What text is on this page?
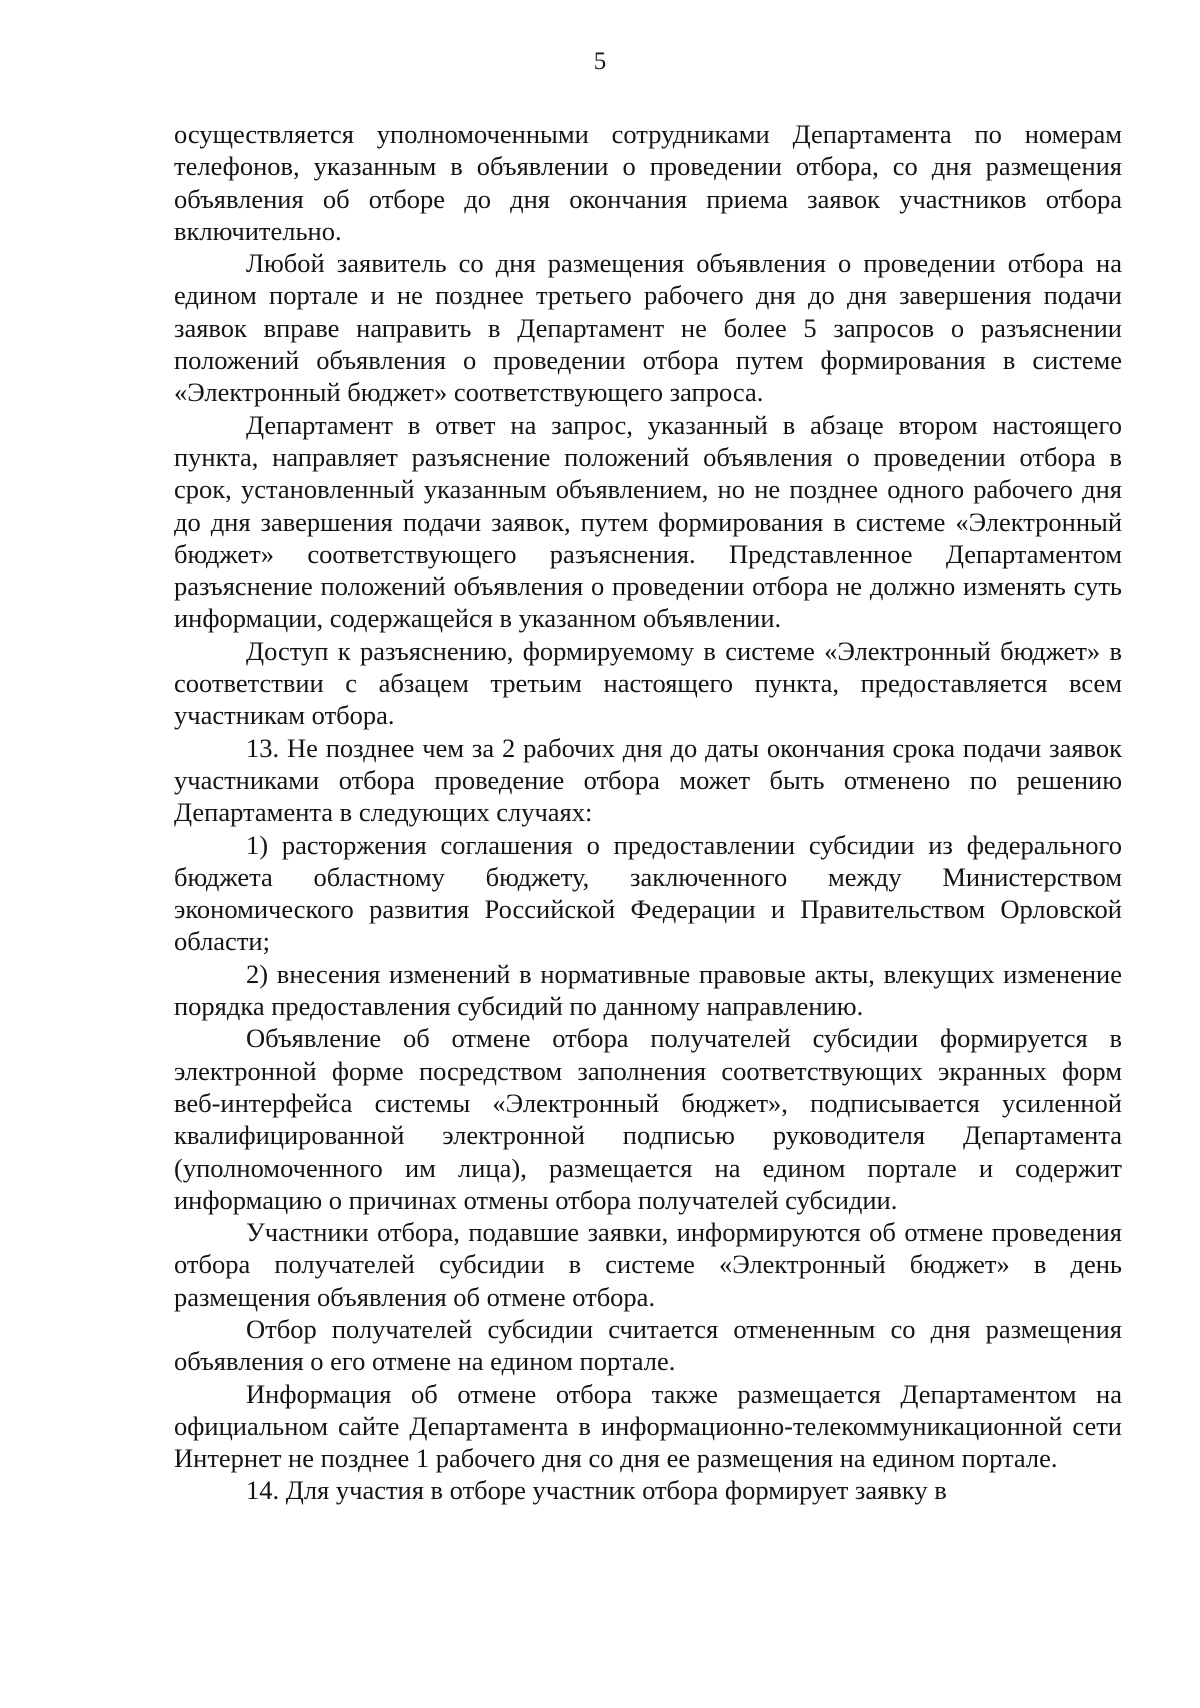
5

осуществляется уполномоченными сотрудниками Департамента по номерам телефонов, указанным в объявлении о проведении отбора, со дня размещения объявления об отборе до дня окончания приема заявок участников отбора включительно.

Любой заявитель со дня размещения объявления о проведении отбора на едином портале и не позднее третьего рабочего дня до дня завершения подачи заявок вправе направить в Департамент не более 5 запросов о разъяснении положений объявления о проведении отбора путем формирования в системе «Электронный бюджет» соответствующего запроса.

Департамент в ответ на запрос, указанный в абзаце втором настоящего пункта, направляет разъяснение положений объявления о проведении отбора в срок, установленный указанным объявлением, но не позднее одного рабочего дня до дня завершения подачи заявок, путем формирования в системе «Электронный бюджет» соответствующего разъяснения. Представленное Департаментом разъяснение положений объявления о проведении отбора не должно изменять суть информации, содержащейся в указанном объявлении.

Доступ к разъяснению, формируемому в системе «Электронный бюджет» в соответствии с абзацем третьим настоящего пункта, предоставляется всем участникам отбора.

13. Не позднее чем за 2 рабочих дня до даты окончания срока подачи заявок участниками отбора проведение отбора может быть отменено по решению Департамента в следующих случаях:

1) расторжения соглашения о предоставлении субсидии из федерального бюджета областному бюджету, заключенного между Министерством экономического развития Российской Федерации и Правительством Орловской области;

2) внесения изменений в нормативные правовые акты, влекущих изменение порядка предоставления субсидий по данному направлению.

Объявление об отмене отбора получателей субсидии формируется в электронной форме посредством заполнения соответствующих экранных форм веб-интерфейса системы «Электронный бюджет», подписывается усиленной квалифицированной электронной подписью руководителя Департамента (уполномоченного им лица), размещается на едином портале и содержит информацию о причинах отмены отбора получателей субсидии.

Участники отбора, подавшие заявки, информируются об отмене проведения отбора получателей субсидии в системе «Электронный бюджет» в день размещения объявления об отмене отбора.

Отбор получателей субсидии считается отмененным со дня размещения объявления о его отмене на едином портале.

Информация об отмене отбора также размещается Департаментом на официальном сайте Департамента в информационно-телекоммуникационной сети Интернет не позднее 1 рабочего дня со дня ее размещения на едином портале.

14. Для участия в отборе участник отбора формирует заявку в
